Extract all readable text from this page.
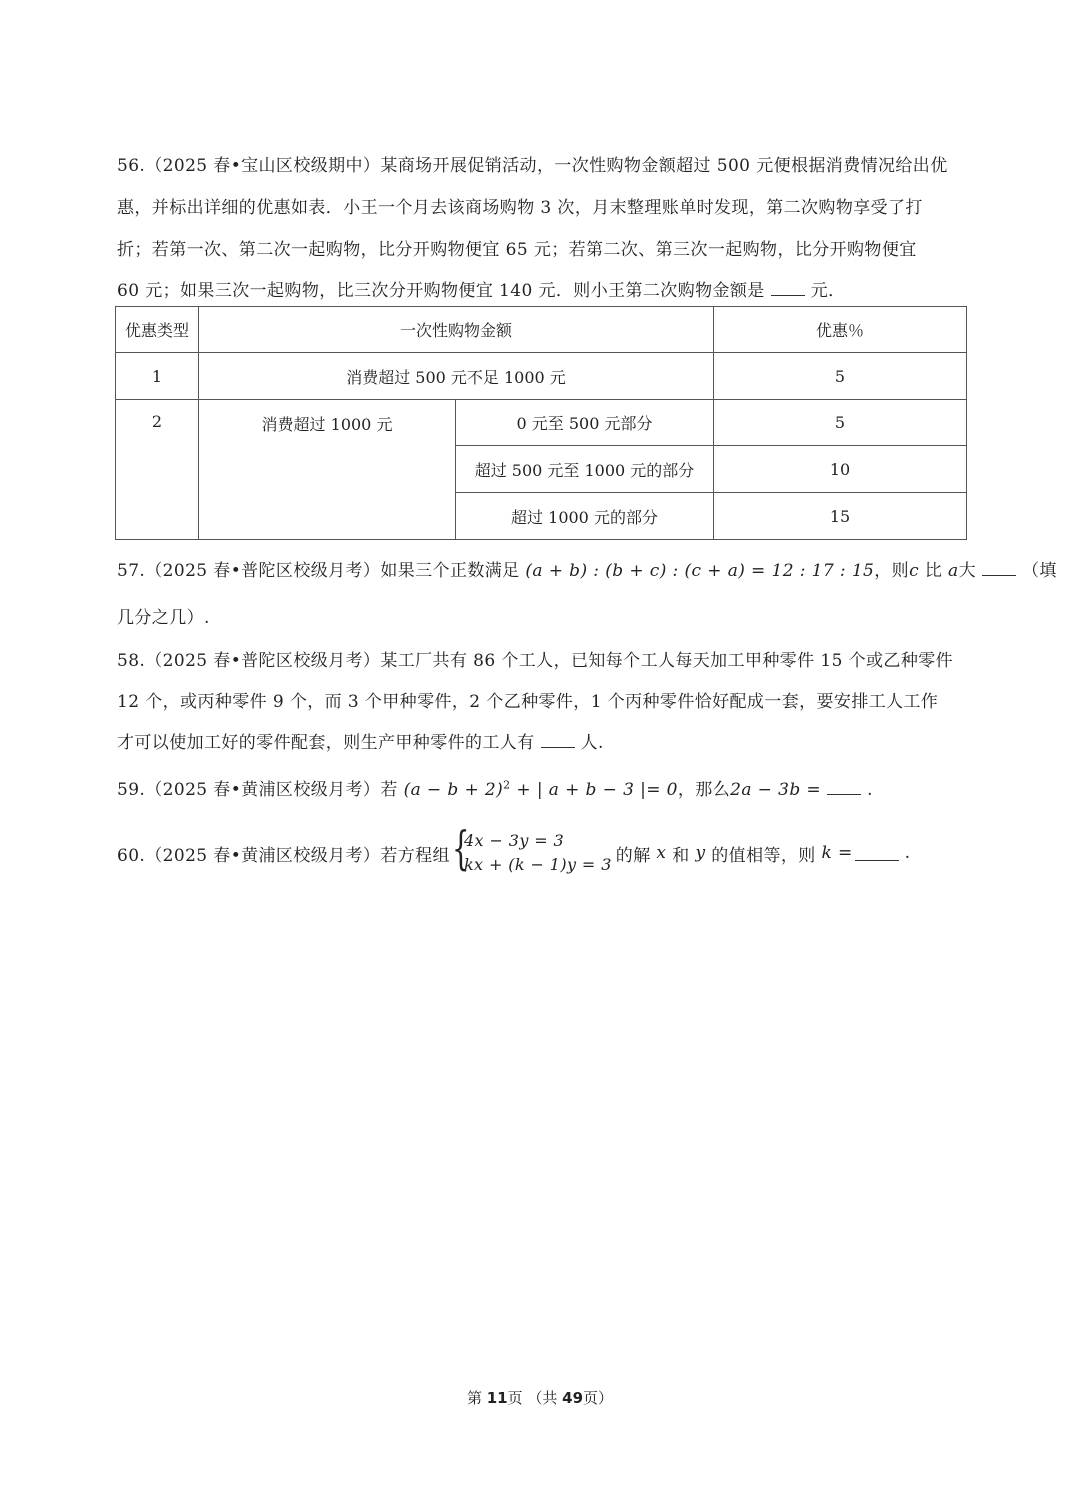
56.（2025 春•宝山区校级期中）某商场开展促销活动，一次性购物金额超过 500 元便根据消费情况给出优
惠，并标出详细的优惠如表．小王一个月去该商场购物 3 次，月末整理账单时发现，第二次购物享受了打
折；若第一次、第二次一起购物，比分开购物便宜 65 元；若第二次、第三次一起购物，比分开购物便宜
60 元；如果三次一起购物，比三次分开购物便宜 140 元．则小王第二次购物金额是	元．
优惠类型	一次性购物金额		优惠％
1	消费超过 500 元不足 1000 元		5
2	消费超过 1000 元	0 元至 500 元部分	5
		超过 500 元至 1000 元的部分	10
		超过 1000 元的部分	15
57.（2025 春•普陀区校级月考）如果三个正数满足 (a + b) : (b + c) : (c + a) = 12 : 17 : 15，则c 比 a大	（填
几分之几）.
58.（2025 春•普陀区校级月考）某工厂共有 86 个工人，已知每个工人每天加工甲种零件 15 个或乙种零件
12 个，或丙种零件 9 个，而 3 个甲种零件，2 个乙种零件，1 个丙种零件恰好配成一套，要安排工人工作
才可以使加工好的零件配套，则生产甲种零件的工人有	人.
59.（2025 春•黄浦区校级月考）若 $(a - b + 2)^2$ + | a + b − 3 |= 0，那么2a − 3b =	.
60.（2025 春•黄浦区校级月考） 若方程组 {
4x − 3y = 3
kx + (k − 1)y = 3 的解
x
和
y
的值相等，则
k =	.
第 11页 （共 49页）
